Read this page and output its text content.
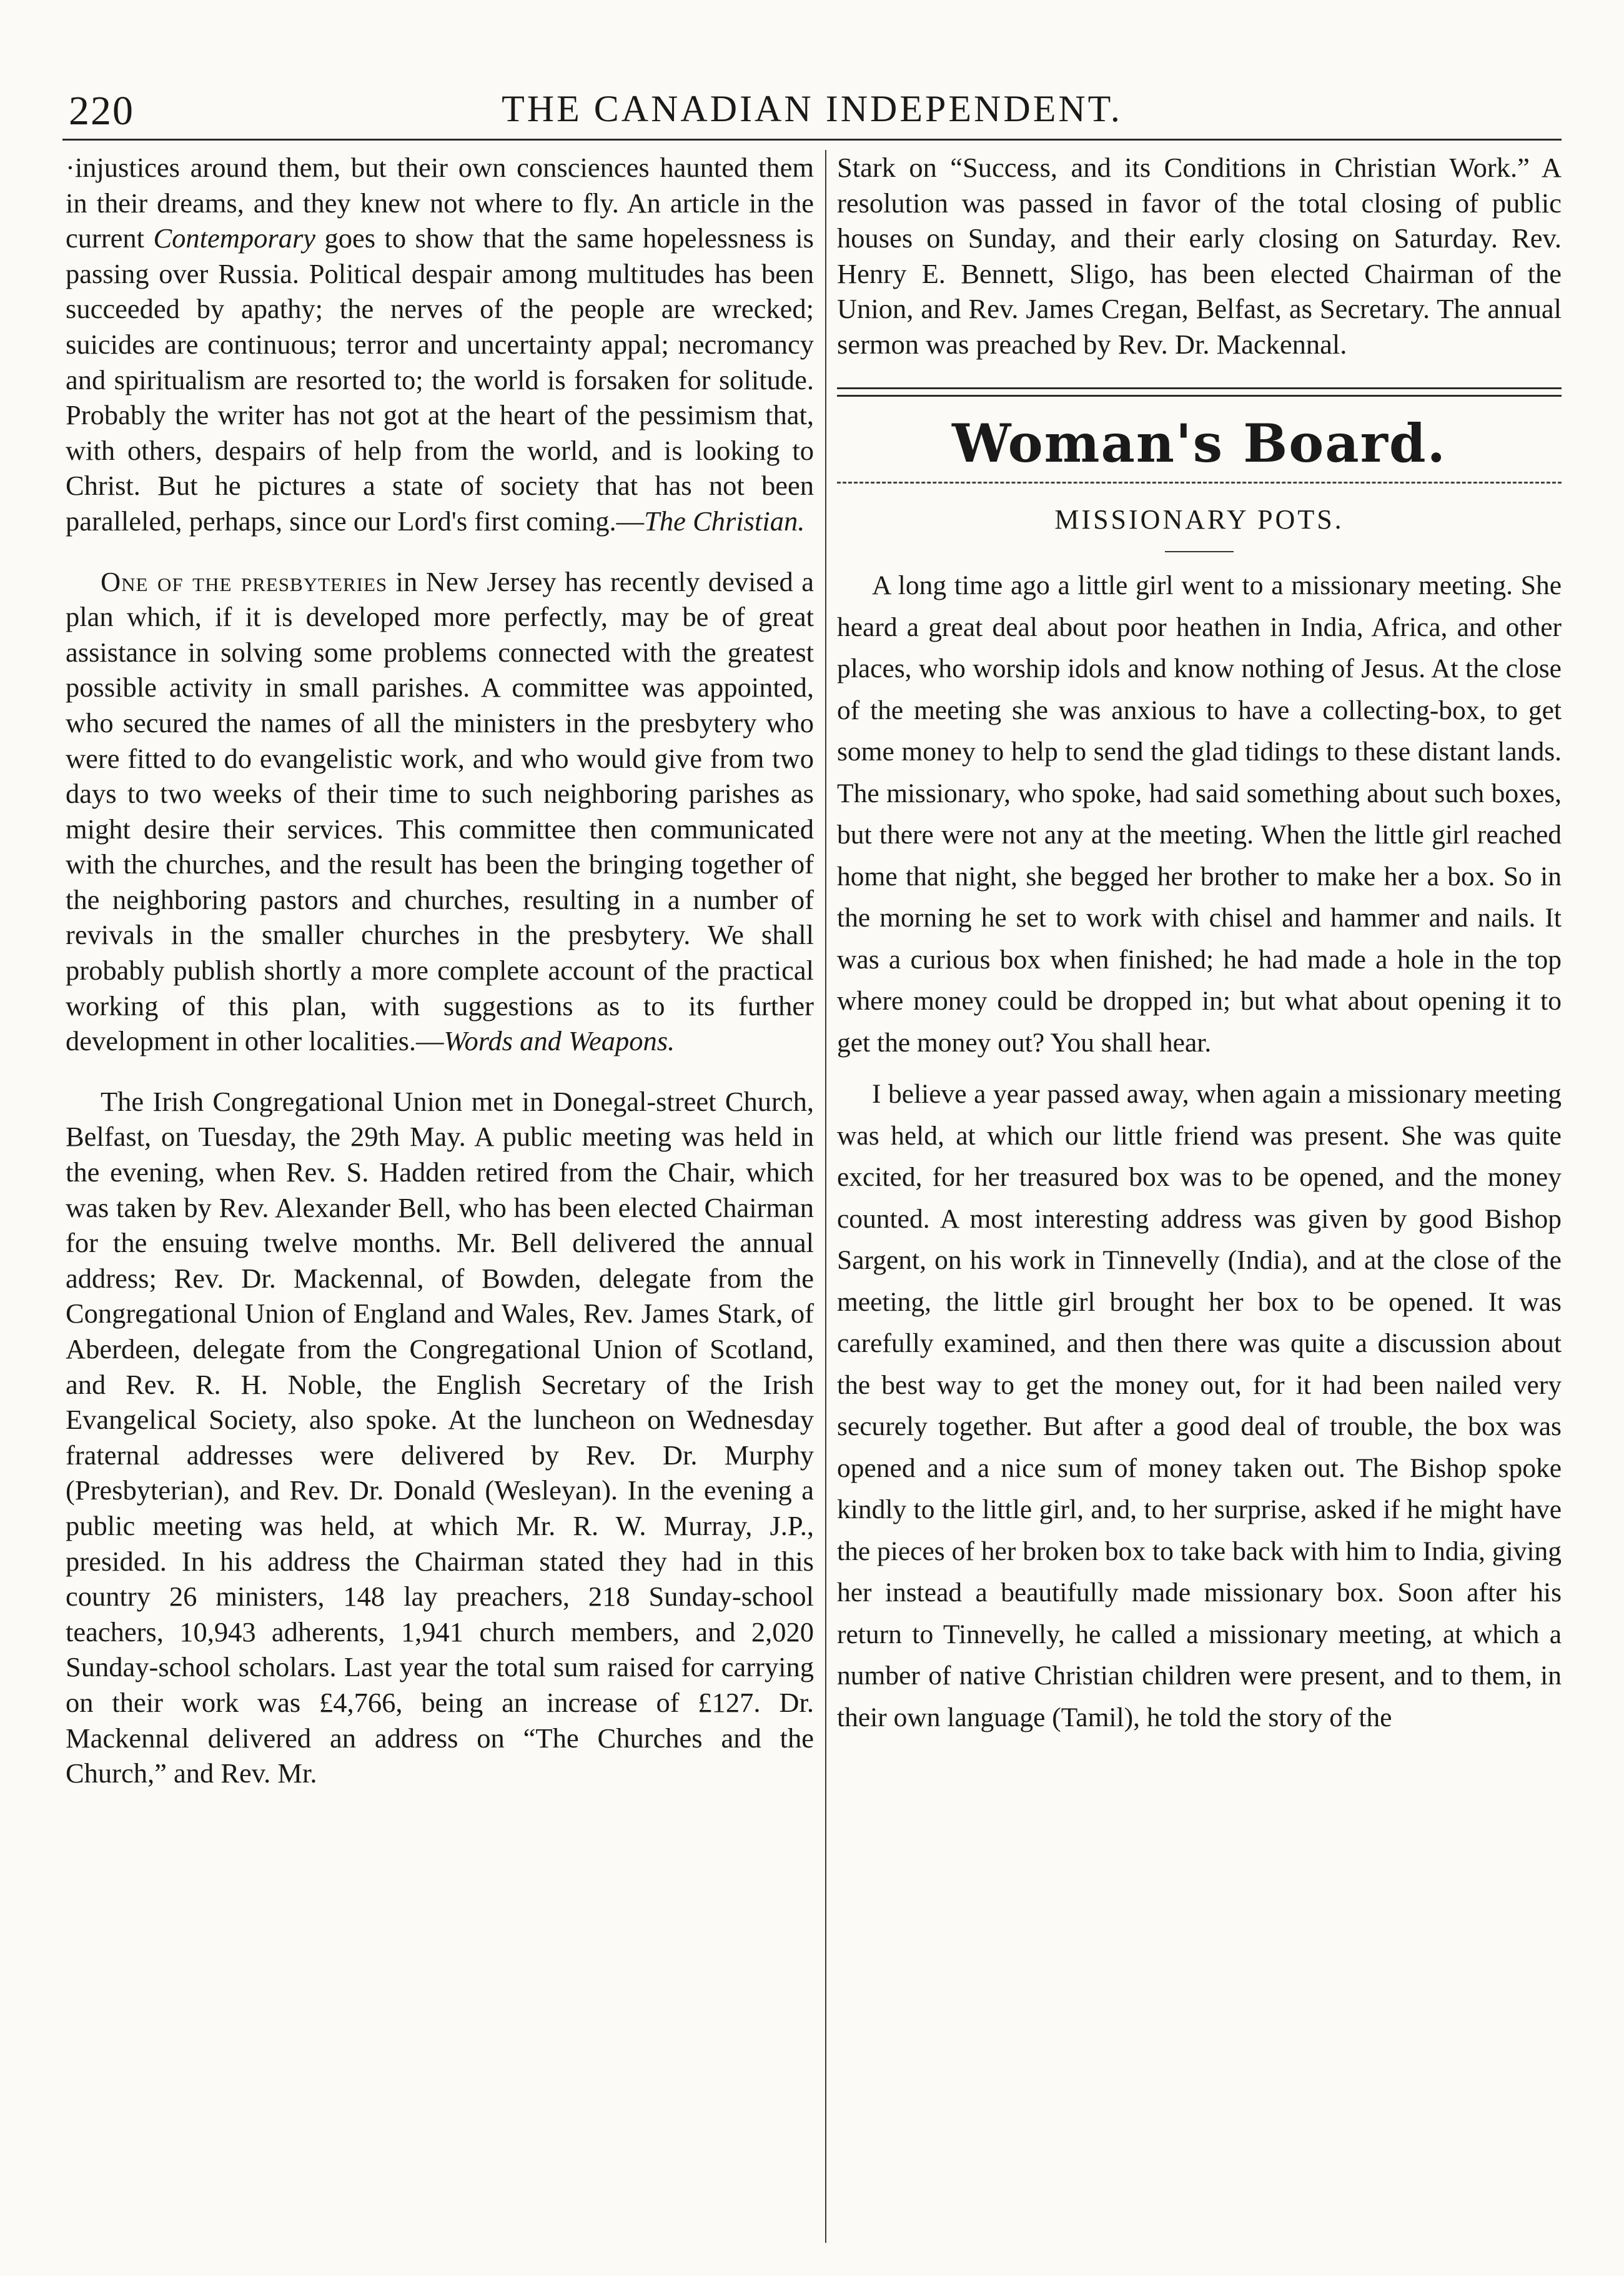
220	THE CANADIAN INDEPENDENT.

·injustices around them, but their own consciences haunted them in their dreams, and they knew not where to fly. An article in the current Contemporary goes to show that the same hopelessness is passing over Russia. Political despair among multitudes has been succeeded by apathy; the nerves of the people are wrecked; suicides are continuous; terror and uncertainty appal; necromancy and spiritualism are resorted to; the world is forsaken for solitude. Probably the writer has not got at the heart of the pessimism that, with others, despairs of help from the world, and is looking to Christ. But he pictures a state of society that has not been paralleled, perhaps, since our Lord's first coming.—The Christian.

One of the presbyteries in New Jersey has recently devised a plan which, if it is developed more perfectly, may be of great assistance in solving some problems connected with the greatest possible activity in small parishes. A committee was appointed, who secured the names of all the ministers in the presbytery who were fitted to do evangelistic work, and who would give from two days to two weeks of their time to such neighboring parishes as might desire their services. This committee then communicated with the churches, and the result has been the bringing together of the neighboring pastors and churches, resulting in a number of revivals in the smaller churches in the presbytery. We shall probably publish shortly a more complete account of the practical working of this plan, with suggestions as to its further development in other localities.—Words and Weapons.

The Irish Congregational Union met in Donegal-street Church, Belfast, on Tuesday, the 29th May. A public meeting was held in the evening, when Rev. S. Hadden retired from the Chair, which was taken by Rev. Alexander Bell, who has been elected Chairman for the ensuing twelve months. Mr. Bell delivered the annual address; Rev. Dr. Mackennal, of Bowden, delegate from the Congregational Union of England and Wales, Rev. James Stark, of Aberdeen, delegate from the Congregational Union of Scotland, and Rev. R. H. Noble, the English Secretary of the Irish Evangelical Society, also spoke. At the luncheon on Wednesday fraternal addresses were delivered by Rev. Dr. Murphy (Presbyterian), and Rev. Dr. Donald (Wesleyan). In the evening a public meeting was held, at which Mr. R. W. Murray, J.P., presided. In his address the Chairman stated they had in this country 26 ministers, 148 lay preachers, 218 Sunday-school teachers, 10,943 adherents, 1,941 church members, and 2,020 Sunday-school scholars. Last year the total sum raised for carrying on their work was £4,766, being an increase of £127. Dr. Mackennal delivered an address on “The Churches and the Church,” and Rev. Mr.

Stark on “Success, and its Conditions in Christian Work.” A resolution was passed in favor of the total closing of public houses on Sunday, and their early closing on Saturday. Rev. Henry E. Bennett, Sligo, has been elected Chairman of the Union, and Rev. James Cregan, Belfast, as Secretary. The annual sermon was preached by Rev. Dr. Mackennal.

Woman's Board.
MISSIONARY POTS.

A long time ago a little girl went to a missionary meeting. She heard a great deal about poor heathen in India, Africa, and other places, who worship idols and know nothing of Jesus. At the close of the meeting she was anxious to have a collecting-box, to get some money to help to send the glad tidings to these distant lands. The missionary, who spoke, had said something about such boxes, but there were not any at the meeting. When the little girl reached home that night, she begged her brother to make her a box. So in the morning he set to work with chisel and hammer and nails. It was a curious box when finished; he had made a hole in the top where money could be dropped in; but what about opening it to get the money out? You shall hear.

I believe a year passed away, when again a missionary meeting was held, at which our little friend was present. She was quite excited, for her treasured box was to be opened, and the money counted. A most interesting address was given by good Bishop Sargent, on his work in Tinnevelly (India), and at the close of the meeting, the little girl brought her box to be opened. It was carefully examined, and then there was quite a discussion about the best way to get the money out, for it had been nailed very securely together. But after a good deal of trouble, the box was opened and a nice sum of money taken out. The Bishop spoke kindly to the little girl, and, to her surprise, asked if he might have the pieces of her broken box to take back with him to India, giving her instead a beautifully made missionary box. Soon after his return to Tinnevelly, he called a missionary meeting, at which a number of native Christian children were present, and to them, in their own language (Tamil), he told the story of the
